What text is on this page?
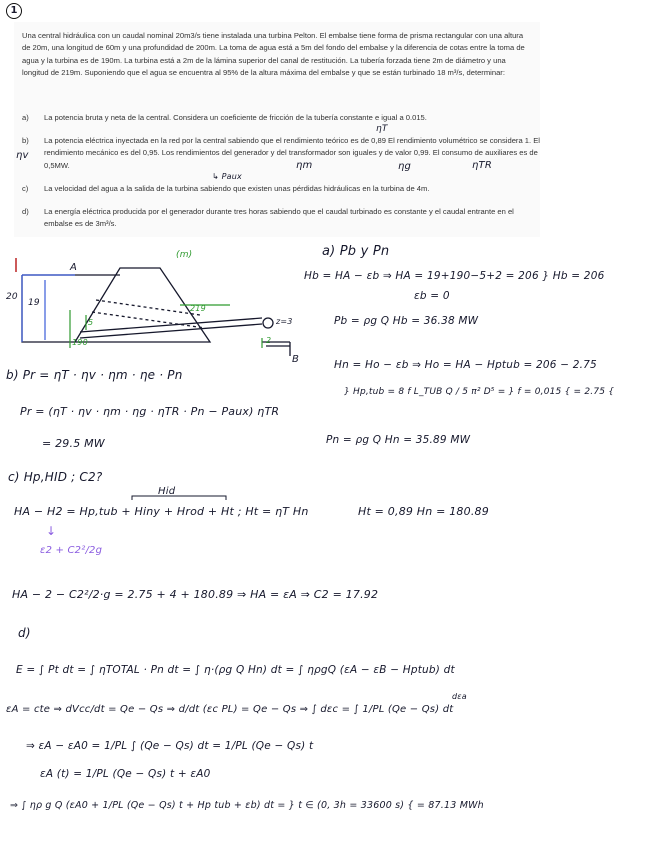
1

Una central hidráulica con un caudal nominal 20m3/s tiene instalada una turbina Pelton. El embalse tiene forma de prisma rectangular con una altura de 20m, una longitud de 60m y una profundidad de 200m. La toma de agua está a 5m del fondo del embalse y la diferencia de cotas entre la toma de agua y la turbina es de 190m. La turbina está a 2m de la lámina superior del canal de restitución. La tubería forzada tiene 2m de diámetro y una longitud de 219m. Suponiendo que el agua se encuentra al 95% de la altura máxima del embalse y que se están turbinado 18 m³/s, determinar:

a)	La potencia bruta y neta de la central. Considera un coeficiente de fricción de la tubería constante e igual a 0.015.
b)	La potencia eléctrica inyectada en la red por la central sabiendo que el rendimiento teórico es de 0,89 El rendimiento volumétrico se considera 1. El rendimiento mecánico es del 0,95. Los rendimientos del generador y del transformador son iguales y de valor 0,99. El consumo de auxiliares es de 0,5MW.
c)	La velocidad del agua a la salida de la turbina sabiendo que existen unas pérdidas hidráulicas en la turbina de 4m.
d)	La energía eléctrica producida por el generador durante tres horas sabiendo que el caudal turbinado es constante y el caudal entrante en el embalse es de 3m³/s.
ηT
ηv
ηm	ηg	ηTR
↳ Paux
(m)
A
B
20
19
5
190
219
z=3
2
a) Pb y Pn
Hb = HA − εb ⇒ HA = 19+190−5+2 = 206 } Hb = 206
εb = 0
Pb = ρg Q Hb = 36.38 MW
Hn = Ho − εb ⇒ Ho = HA − Hptub = 206 − 2.75
} Hp,tub = 8 f L_TUB Q / 5 π² D⁵ = } f = 0,015 { = 2.75 {
Pn = ρg Q Hn = 35.89 MW
b) Pr = ηT · ηv · ηm · ηe · Pn
Pr = (ηT · ηv · ηm · ηg · ηTR · Pn − Paux) ηTR
= 29.5 MW
c) Hp,HID ; C2?
Hid
HA − H2 = Hp,tub + Hiny + Hrod + Ht ; Ht = ηT Hn	Ht = 0,89 Hn = 180.89
↓
ε2 + C2²/2g
HA − 2 − C2²/2·g = 2.75 + 4 + 180.89 ⇒ HA = εA ⇒ C2 = 17.92
d)
E = ∫ Pt dt = ∫ ηTOTAL · Pn dt = ∫ η·(ρg Q Hn) dt = ∫ ηρgQ (εA − εB − Hptub) dt
dεa
εA = cte ⇒ dVcc/dt = Qe − Qs ⇒ d/dt (εc PL) = Qe − Qs ⇒ ∫ dεc = ∫ 1/PL (Qe − Qs) dt
⇒ εA − εA0 = 1/PL ∫ (Qe − Qs) dt = 1/PL (Qe − Qs) t
εA (t) = 1/PL (Qe − Qs) t + εA0
⇒ ∫ ηρ g Q (εA0 + 1/PL (Qe − Qs) t + Hp tub + εb) dt = } t ∈ (0, 3h = 33600 s) { = 87.13 MWh
